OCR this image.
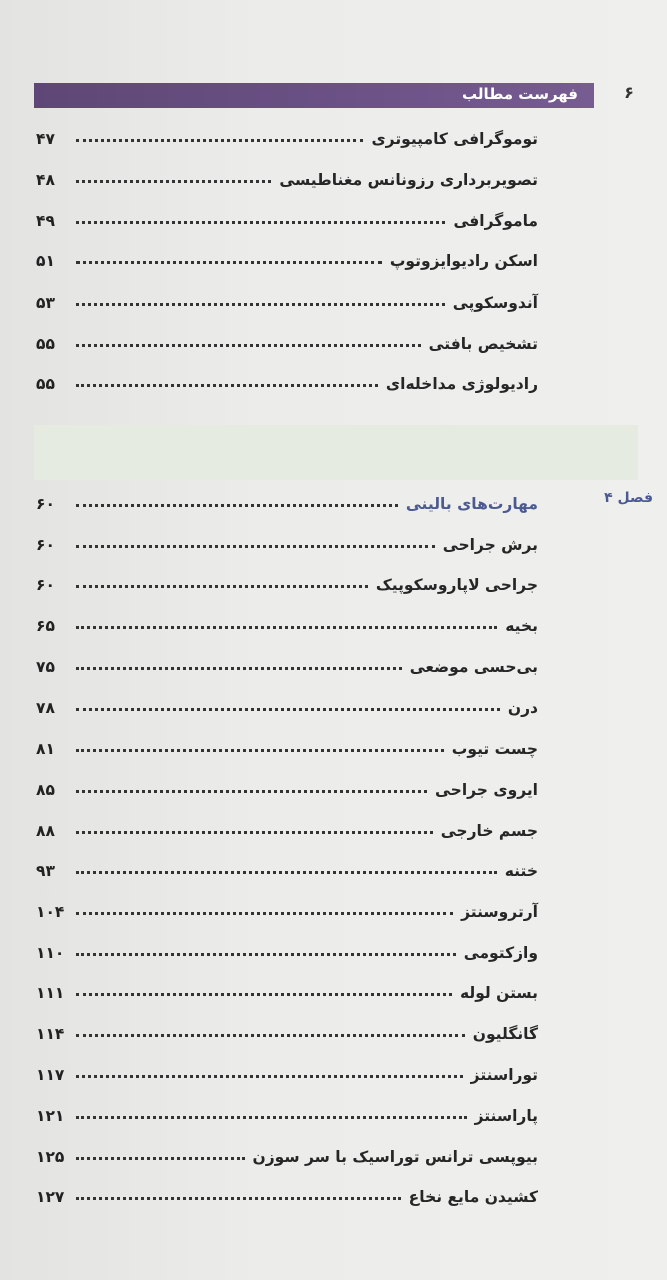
فهرست مطالب	۶
توموگرافی کامپیوتری
۴۷
تصویربرداری رزونانس مغناطیسی
۴۸
ماموگرافی
۴۹
اسکن رادیوایزوتوپ
۵۱
آندوسکوپی
۵۳
تشخیص بافتی
۵۵
رادیولوژی مداخله‌ای
۵۵
فصل ۴
مهارت‌های بالینی
۶۰
برش جراحی
۶۰
جراحی لاپاروسکوپیک
۶۰
بخیه
۶۵
بی‌حسی موضعی
۷۵
درن
۷۸
چست تیوب
۸۱
ایروی جراحی
۸۵
جسم خارجی
۸۸
ختنه
۹۳
آرتروسنتز
۱۰۴
وازکتومی
۱۱۰
بستن لوله
۱۱۱
گانگلیون
۱۱۴
توراسنتز
۱۱۷
پاراسنتز
۱۲۱
بیوپسی ترانس توراسیک با سر سوزن
۱۲۵
کشیدن مایع نخاع
۱۲۷
